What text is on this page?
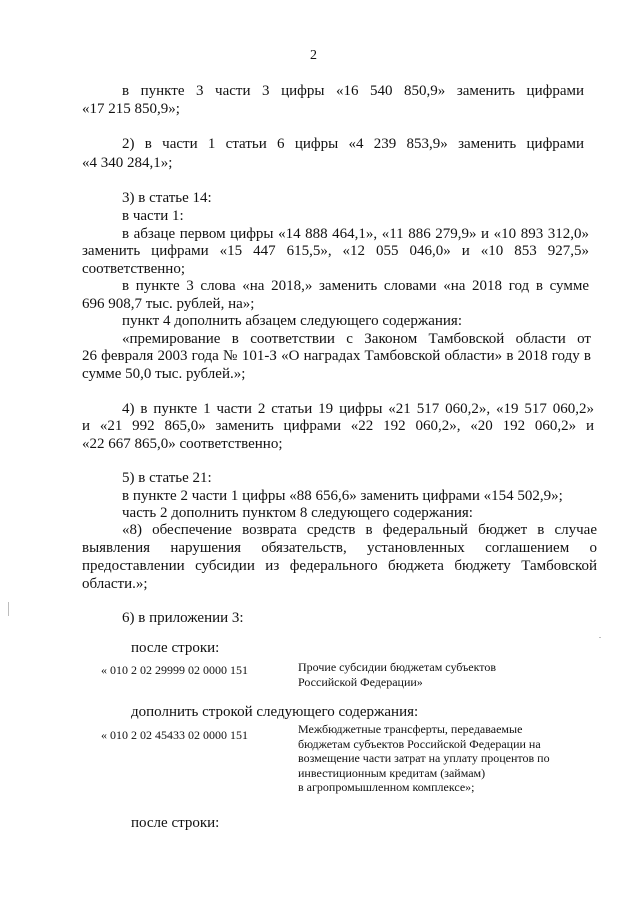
2
в пункте 3 части 3 цифры «16 540 850,9» заменить цифрами
«17 215 850,9»;
2) в части 1 статьи 6 цифры «4 239 853,9» заменить цифрами
«4 340 284,1»;
3) в статье 14:
в части 1:
в абзаце первом цифры «14 888 464,1», «11 886 279,9» и «10 893 312,0»
заменить цифрами «15 447 615,5», «12 055 046,0» и «10 853 927,5»
соответственно;
в пункте 3 слова «на 2018,» заменить словами «на 2018 год в сумме
696 908,7 тыс. рублей, на»;
пункт 4 дополнить абзацем следующего содержания:
«премирование в соответствии с Законом Тамбовской области от
26 февраля 2003 года № 101-З «О наградах Тамбовской области» в 2018 году в
сумме 50,0 тыс. рублей.»;
4) в пункте 1 части 2 статьи 19 цифры «21 517 060,2», «19 517 060,2»
и «21 992 865,0» заменить цифрами «22 192 060,2», «20 192 060,2» и
«22 667 865,0» соответственно;
5) в статье 21:
в пункте 2 части 1 цифры «88 656,6» заменить цифрами «154 502,9»;
часть 2 дополнить пунктом 8 следующего содержания:
«8) обеспечение возврата средств в федеральный бюджет в случае
выявления нарушения обязательств, установленных соглашением о
предоставлении субсидии из федерального бюджета бюджету Тамбовской
области.»;
6) в приложении 3:
после строки:
« 010 2 02 29999 02 0000 151	Прочие субсидии бюджетам субъектов
Российской Федерации»
дополнить строкой следующего содержания:
« 010 2 02 45433 02 0000 151	Межбюджетные трансферты, передаваемые
бюджетам субъектов Российской Федерации на
возмещение части затрат на уплату процентов по
инвестиционным кредитам (займам)
в агропромышленном комплексе»;
после строки:
